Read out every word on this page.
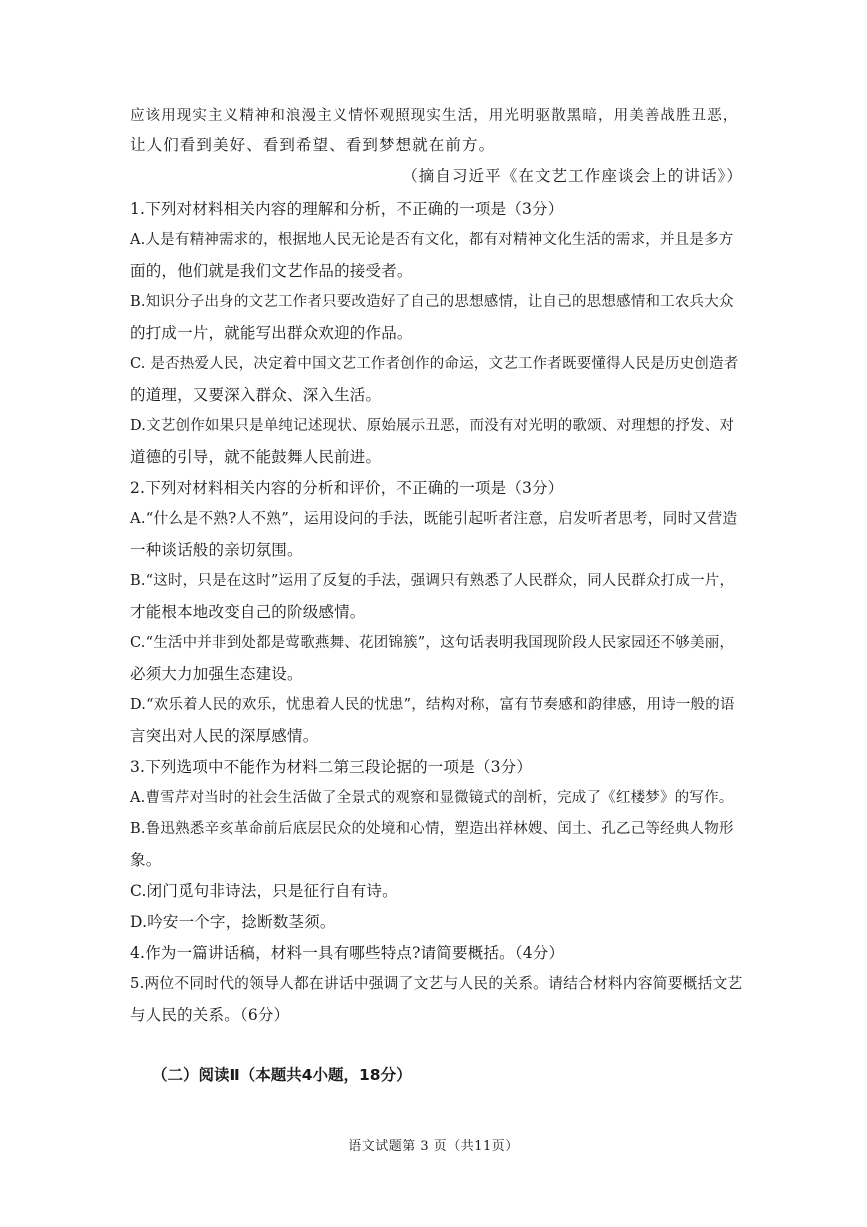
应该用现实主义精神和浪漫主义情怀观照现实生活，用光明驱散黑暗，用美善战胜丑恶，
让人们看到美好、看到希望、看到梦想就在前方。
（摘自习近平《在文艺工作座谈会上的讲话》）
1.下列对材料相关内容的理解和分析，不正确的一项是（3分）
A.人是有精神需求的，根据地人民无论是否有文化，都有对精神文化生活的需求，并且是多方
面的，他们就是我们文艺作品的接受者。
B.知识分子出身的文艺工作者只要改造好了自己的思想感情，让自己的思想感情和工农兵大众
的打成一片，就能写出群众欢迎的作品。
C. 是否热爱人民，决定着中国文艺工作者创作的命运，文艺工作者既要懂得人民是历史创造者
的道理，又要深入群众、深入生活。
D.文艺创作如果只是单纯记述现状、原始展示丑恶，而没有对光明的歌颂、对理想的抒发、对
道德的引导，就不能鼓舞人民前进。
2.下列对材料相关内容的分析和评价，不正确的一项是（3分）
A.“什么是不熟?人不熟”，运用设问的手法，既能引起听者注意，启发听者思考，同时又营造
一种谈话般的亲切氛围。
B.“这时，只是在这时”运用了反复的手法，强调只有熟悉了人民群众，同人民群众打成一片，
才能根本地改变自己的阶级感情。
C.“生活中并非到处都是莺歌燕舞、花团锦簇”，这句话表明我国现阶段人民家园还不够美丽，
必须大力加强生态建设。
D.“欢乐着人民的欢乐，忧患着人民的忧患”，结构对称，富有节奏感和韵律感，用诗一般的语
言突出对人民的深厚感情。
3.下列选项中不能作为材料二第三段论据的一项是（3分）
A.曹雪芹对当时的社会生活做了全景式的观察和显微镜式的剖析，完成了《红楼梦》的写作。
B.鲁迅熟悉辛亥革命前后底层民众的处境和心情，塑造出祥林嫂、闰土、孔乙己等经典人物形
象。
C.闭门觅句非诗法，只是征行自有诗。
D.吟安一个字，捻断数茎须。
4.作为一篇讲话稿，材料一具有哪些特点?请简要概括。（4分）
5.两位不同时代的领导人都在讲话中强调了文艺与人民的关系。请结合材料内容简要概括文艺
与人民的关系。（6分）
（二）阅读Ⅱ（本题共4小题，18分）
语文试题第 3 页（共11页）
